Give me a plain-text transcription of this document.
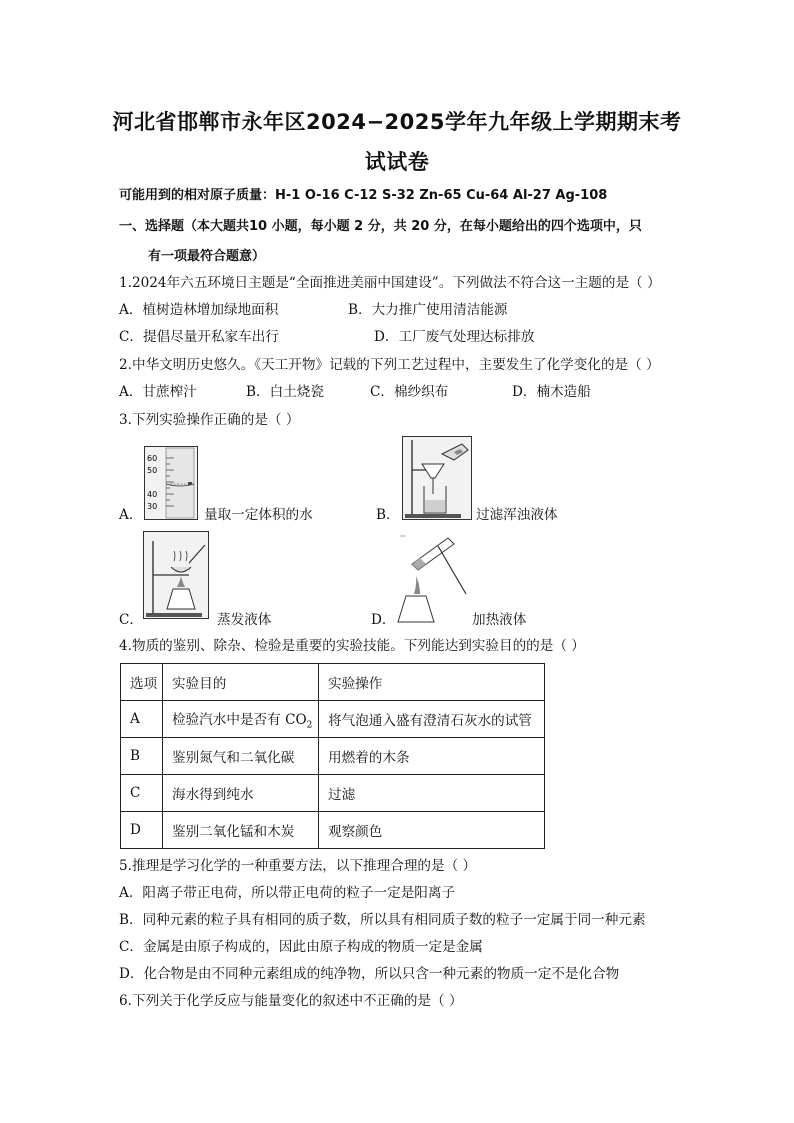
河北省邯郸市永年区2024−2025学年九年级上学期期末考
试试卷
可能用到的相对原子质量：H-1 O-16 C-12 S-32 Zn-65 Cu-64 Al-27 Ag-108
一、选择题（本大题共10 小题，每小题 2 分，共 20 分，在每小题给出的四个选项中，只
有一项最符合题意）
1.2024年六五环境日主题是“全面推进美丽中国建设”。下列做法不符合这一主题的是（ ）
A．植树造林增加绿地面积	B．大力推广使用清洁能源
C．提倡尽量开私家车出行	D．工厂废气处理达标排放
2.中华文明历史悠久。《天工开物》记载的下列工艺过程中，主要发生了化学变化的是（ ）
A．甘蔗榨汁	B．白土烧瓷	C．棉纱织布	D．楠木造船
3.下列实验操作正确的是（ ）
60
50
40
30
A．	量取一定体积的水	B．	过滤浑浊液体
C．	蒸发液体	D．	加热液体
4.物质的鉴别、除杂、检验是重要的实验技能。下列能达到实验目的的是（ ）
选项	实验目的	实验操作
A	检验汽水中是否有 $CO_2$	将气泡通入盛有澄清石灰水的试管
B	鉴别氮气和二氧化碳	用燃着的木条
C	海水得到纯水	过滤
D	鉴别二氧化锰和木炭	观察颜色
5.推理是学习化学的一种重要方法，以下推理合理的是（ ）
A．阳离子带正电荷，所以带正电荷的粒子一定是阳离子
B．同种元素的粒子具有相同的质子数，所以具有相同质子数的粒子一定属于同一种元素
C．金属是由原子构成的，因此由原子构成的物质一定是金属
D．化合物是由不同种元素组成的纯净物，所以只含一种元素的物质一定不是化合物
6.下列关于化学反应与能量变化的叙述中不正确的是（ ）
